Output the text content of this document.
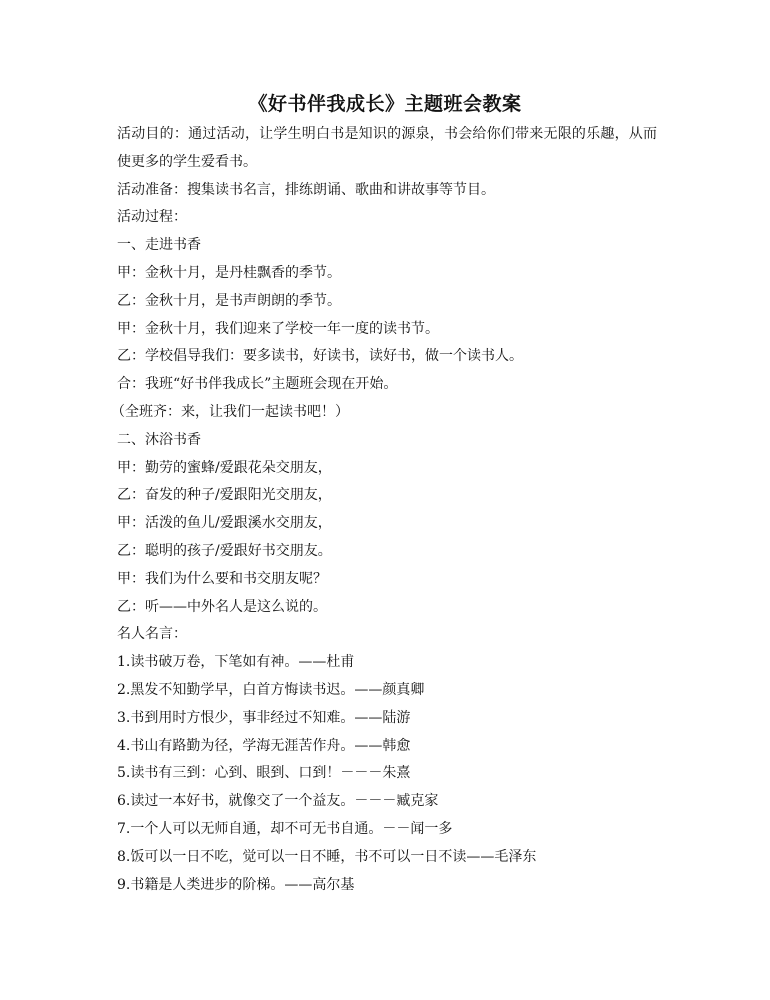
《好书伴我成长》主题班会教案

活动目的：通过活动，让学生明白书是知识的源泉，书会给你们带来无限的乐趣，从而使更多的学生爱看书。

活动准备：搜集读书名言，排练朗诵、歌曲和讲故事等节目。

活动过程：

一、走进书香

甲：金秋十月，是丹桂飘香的季节。

乙：金秋十月，是书声朗朗的季节。

甲：金秋十月，我们迎来了学校一年一度的读书节。

乙：学校倡导我们：要多读书，好读书，读好书，做一个读书人。

合：我班“好书伴我成长”主题班会现在开始。

（全班齐：来，让我们一起读书吧！）

二、沐浴书香

甲：勤劳的蜜蜂/爱跟花朵交朋友，

乙：奋发的种子/爱跟阳光交朋友，

甲：活泼的鱼儿/爱跟溪水交朋友，

乙：聪明的孩子/爱跟好书交朋友。

甲：我们为什么要和书交朋友呢？

乙：听——中外名人是这么说的。

名人名言：

1.读书破万卷，下笔如有神。——杜甫

2.黑发不知勤学早，白首方悔读书迟。——颜真卿

3.书到用时方恨少，事非经过不知难。——陆游

4.书山有路勤为径，学海无涯苦作舟。——韩愈

5.读书有三到：心到、眼到、口到！－－－朱熹

6.读过一本好书，就像交了一个益友。－－－臧克家

7.一个人可以无师自通，却不可无书自通。－－闻一多

8.饭可以一日不吃，觉可以一日不睡，书不可以一日不读——毛泽东

9.书籍是人类进步的阶梯。——高尔基
